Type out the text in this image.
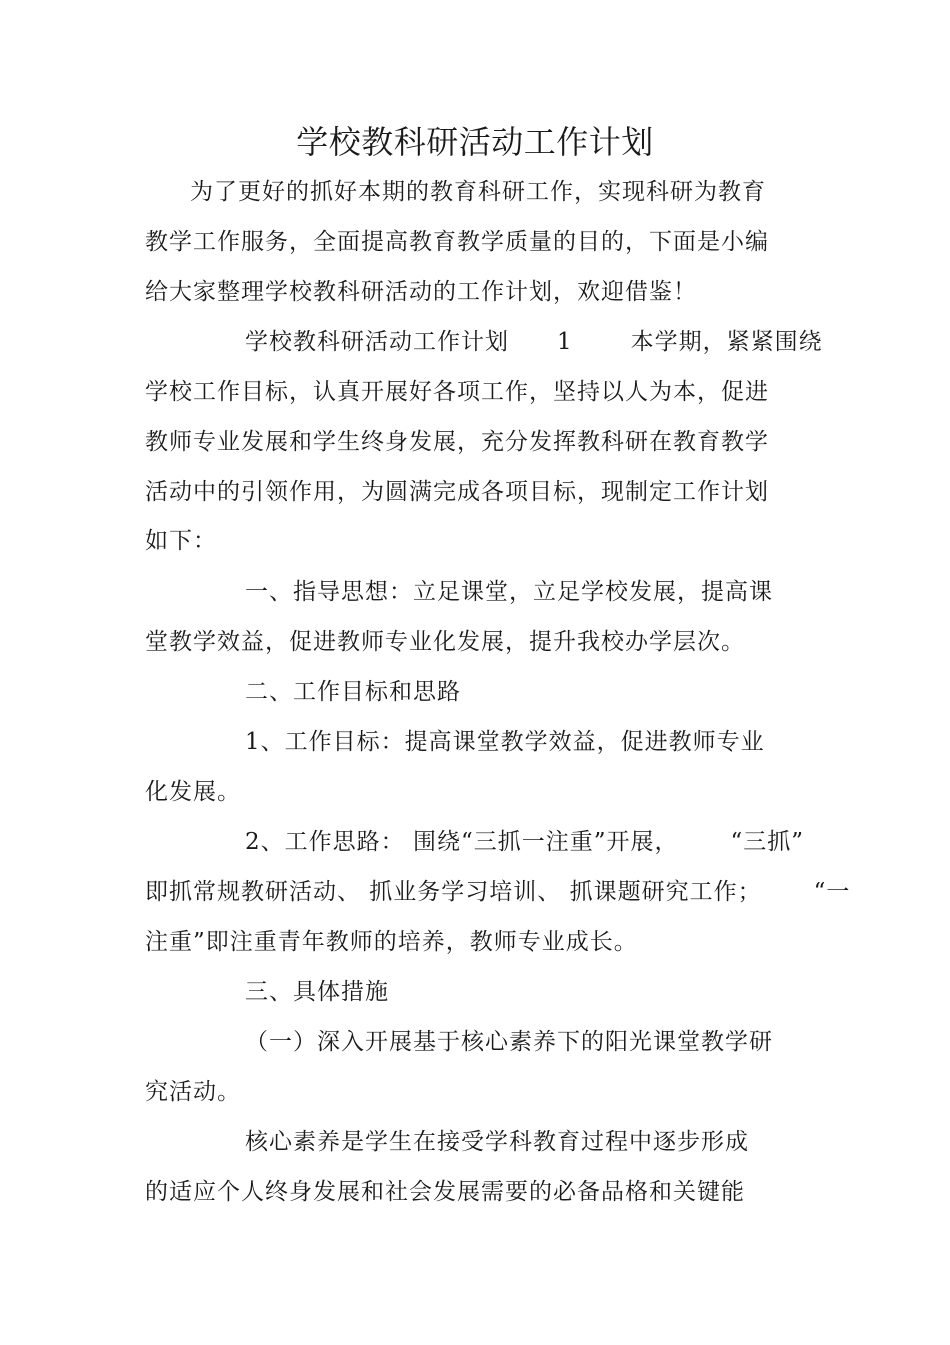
学校教科研活动工作计划
为了更好的抓好本期的教育科研工作，实现科研为教育
教学工作服务，全面提高教育教学质量的目的，下面是小编
给大家整理学校教科研活动的工作计划，欢迎借鉴！
学校教科研活动工作计划 1	本学期，紧紧围绕
学校工作目标，认真开展好各项工作，坚持以人为本，促进
教师专业发展和学生终身发展，充分发挥教科研在教育教学
活动中的引领作用，为圆满完成各项目标，现制定工作计划
如下：
一、指导思想：立足课堂，立足学校发展，提高课
堂教学效益，促进教师专业化发展，提升我校办学层次。
二、工作目标和思路
1、工作目标：提高课堂教学效益，促进教师专业
化发展。
2、工作思路： 围绕“三抓一注重”开展， “三抓”
即抓常规教研活动、 抓业务学习培训、 抓课题研究工作； “一
注重”即注重青年教师的培养，教师专业成长。
三、具体措施
（一）深入开展基于核心素养下的阳光课堂教学研
究活动。
核心素养是学生在接受学科教育过程中逐步形成
的适应个人终身发展和社会发展需要的必备品格和关键能
